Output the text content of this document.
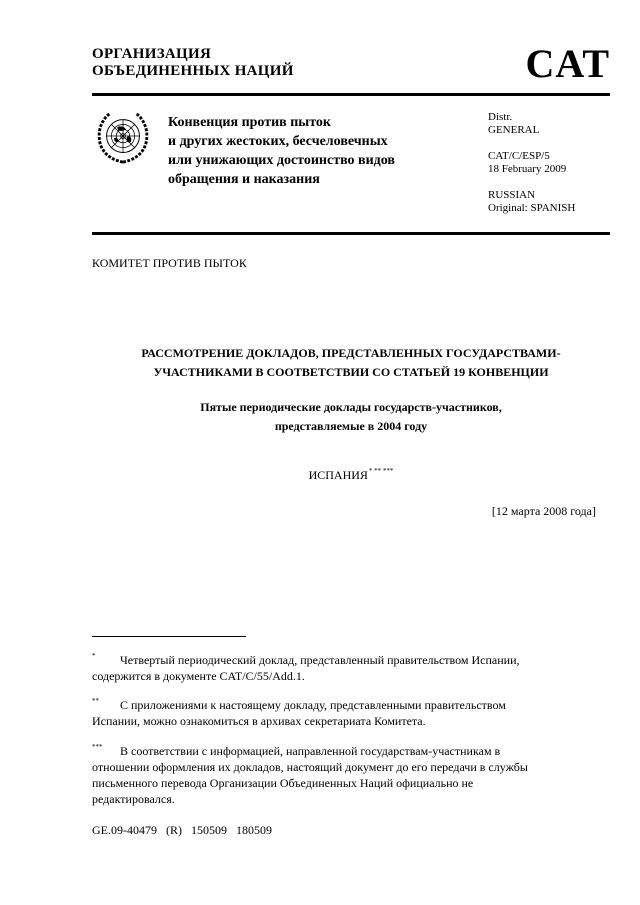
ОРГАНИЗАЦИЯ
ОБЪЕДИНЕННЫХ НАЦИЙ	CAT
Конвенция против пыток
и других жестоких, бесчеловечных
или унижающих достоинство видов
обращения и наказания
Distr.
GENERAL
CAT/C/ESP/5
18 February 2009
RUSSIAN
Original: SPANISH
КОМИТЕТ ПРОТИВ ПЫТОК
РАССМОТРЕНИЕ ДОКЛАДОВ, ПРЕДСТАВЛЕННЫХ ГОСУДАРСТВАМИ-
УЧАСТНИКАМИ В СООТВЕТСТВИИ СО СТАТЬЕЙ 19 КОНВЕНЦИИ
Пятые периодические доклады государств-участников,
представляемые в 2004 году
ИСПАНИЯ* ** ***
[12 марта 2008 года]
* Четвертый периодический доклад, представленный правительством Испании,
содержится в документе CAT/C/55/Add.1.
** С приложениями к настоящему докладу, представленными правительством
Испании, можно ознакомиться в архивах секретариата Комитета.
*** В соответствии с информацией, направленной государствам-участникам в
отношении оформления их докладов, настоящий документ до его передачи в службы
письменного перевода Организации Объединенных Наций официально не
редактировался.
GE.09-40479 (R) 150509 180509
